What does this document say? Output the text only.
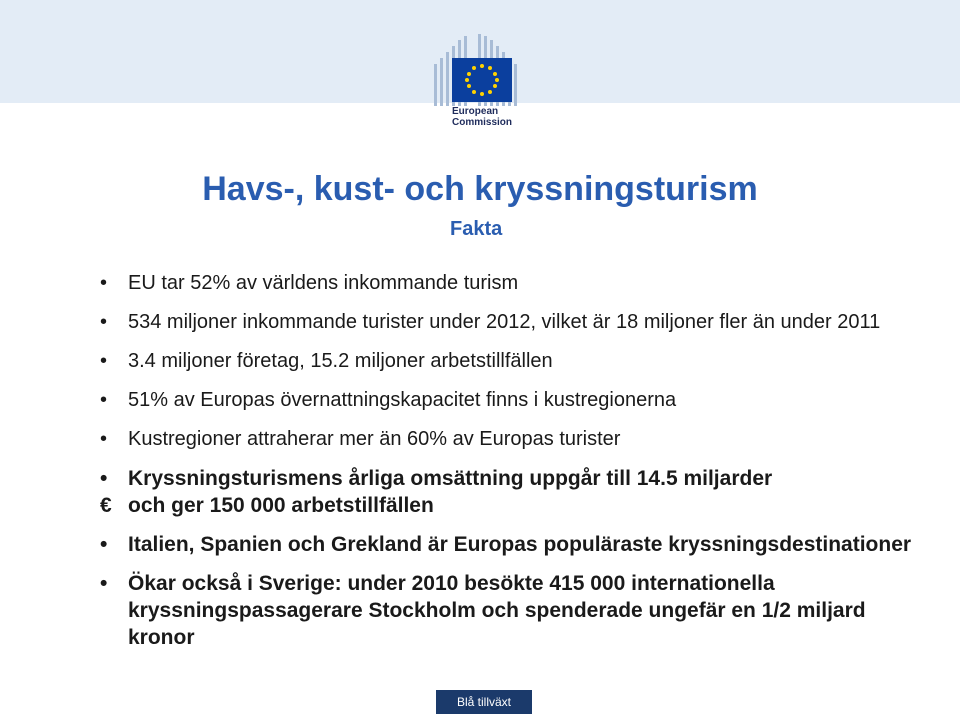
European
Commission
Havs-, kust- och kryssningsturism
Fakta
• EU tar 52% av världens inkommande turism
• 534 miljoner inkommande turister under 2012, vilket är 18 miljoner fler än under 2011
• 3.4 miljoner företag, 15.2 miljoner arbetstillfällen
• 51% av Europas övernattningskapacitet finns i kustregionerna
• Kustregioner attraherar mer än 60% av Europas turister
• Kryssningsturismens årliga omsättning uppgår till 14.5 miljarder
€ och ger 150 000 arbetstillfällen
• Italien, Spanien och Grekland är Europas populäraste kryssningsdestinationer
• Ökar också i Sverige: under 2010 besökte 415 000 internationella kryssningspassagerare Stockholm och spenderade ungefär en 1/2 miljard kronor
Blå tillväxt
